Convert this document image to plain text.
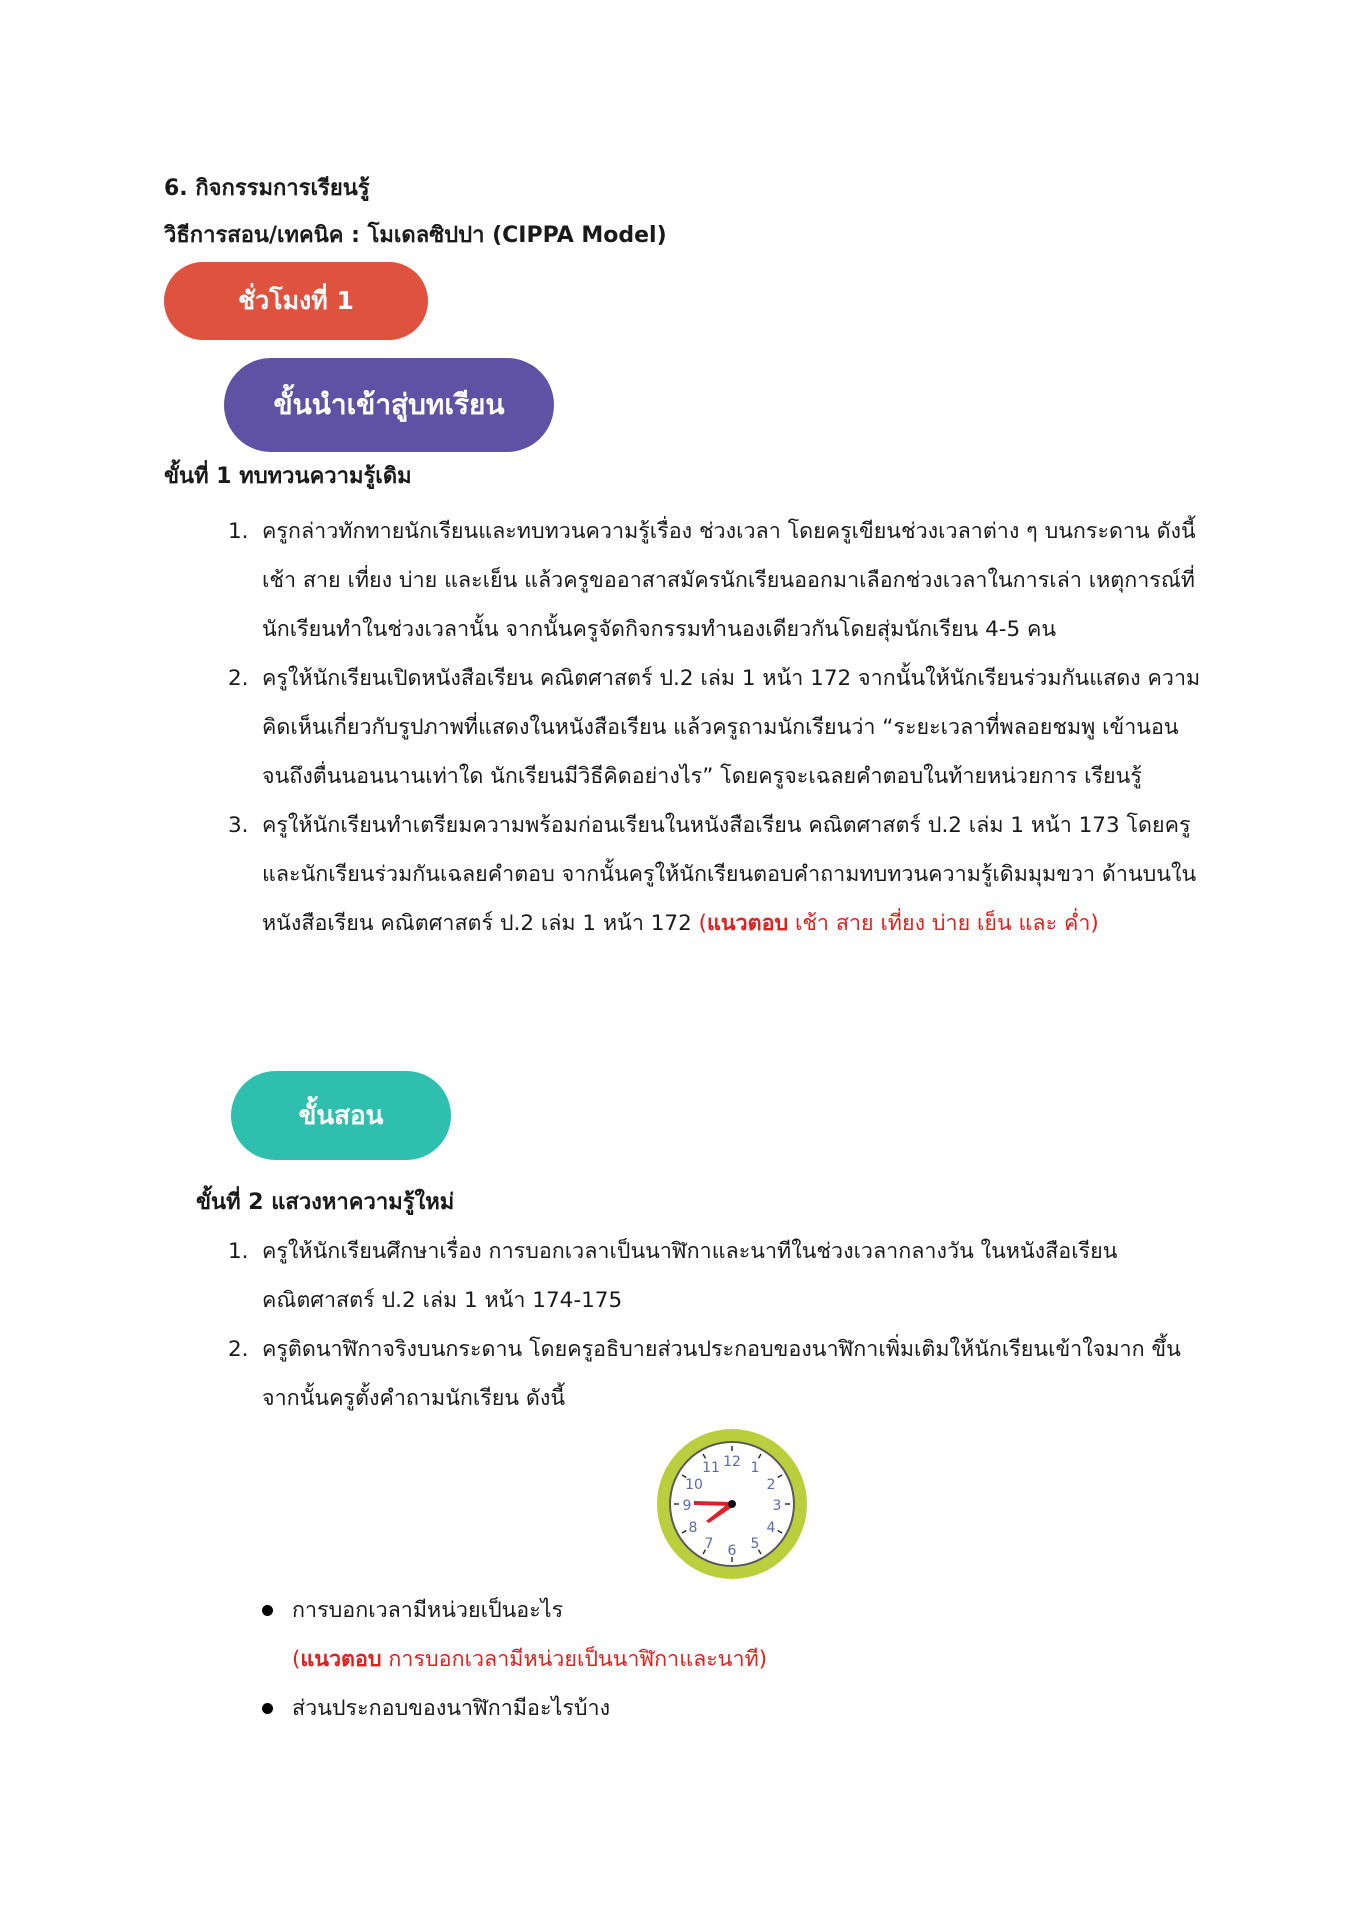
6. กิจกรรมการเรียนรู้
วิธีการสอน/เทคนิค : โมเดลซิปปา (CIPPA Model)
ชั่วโมงที่ 1
ขั้นนำเข้าสู่บทเรียน
ขั้นที่ 1 ทบทวนความรู้เดิม
1. ครูกล่าวทักทายนักเรียนและทบทวนความรู้เรื่อง ช่วงเวลา โดยครูเขียนช่วงเวลาต่าง ๆ บนกระดาน ดังนี้เช้า สาย เที่ยง บ่าย และเย็น แล้วครูขออาสาสมัครนักเรียนออกมาเลือกช่วงเวลาในการเล่า เหตุการณ์ที่นักเรียนทำในช่วงเวลานั้น จากนั้นครูจัดกิจกรรมทำนองเดียวกันโดยสุ่มนักเรียน 4-5 คน
2. ครูให้นักเรียนเปิดหนังสือเรียน คณิตศาสตร์ ป.2 เล่ม 1 หน้า 172 จากนั้นให้นักเรียนร่วมกันแสดง ความคิดเห็นเกี่ยวกับรูปภาพที่แสดงในหนังสือเรียน แล้วครูถามนักเรียนว่า “ระยะเวลาที่พลอยชมพู เข้านอนจนถึงตื่นนอนนานเท่าใด นักเรียนมีวิธีคิดอย่างไร” โดยครูจะเฉลยคำตอบในท้ายหน่วยการ เรียนรู้
3. ครูให้นักเรียนทำเตรียมความพร้อมก่อนเรียนในหนังสือเรียน คณิตศาสตร์ ป.2 เล่ม 1 หน้า 173 โดยครูและนักเรียนร่วมกันเฉลยคำตอบ จากนั้นครูให้นักเรียนตอบคำถามทบทวนความรู้เดิมมุมขวา ด้านบนในหนังสือเรียน คณิตศาสตร์ ป.2 เล่ม 1 หน้า 172 (แนวตอบ เช้า สาย เที่ยง บ่าย เย็น และ ค่ำ)
ขั้นสอน
ขั้นที่ 2 แสวงหาความรู้ใหม่
1. ครูให้นักเรียนศึกษาเรื่อง การบอกเวลาเป็นนาฬิกาและนาทีในช่วงเวลากลางวัน ในหนังสือเรียน คณิตศาสตร์ ป.2 เล่ม 1 หน้า 174-175
2. ครูติดนาฬิกาจริงบนกระดาน โดยครูอธิบายส่วนประกอบของนาฬิกาเพิ่มเติมให้นักเรียนเข้าใจมาก ขึ้น จากนั้นครูตั้งคำถามนักเรียน ดังนี้
12 1
2
3
4
5
6
7
8
9
10
11
การบอกเวลามีหน่วยเป็นอะไร
(แนวตอบ การบอกเวลามีหน่วยเป็นนาฬิกาและนาที)
ส่วนประกอบของนาฬิกามีอะไรบ้าง
